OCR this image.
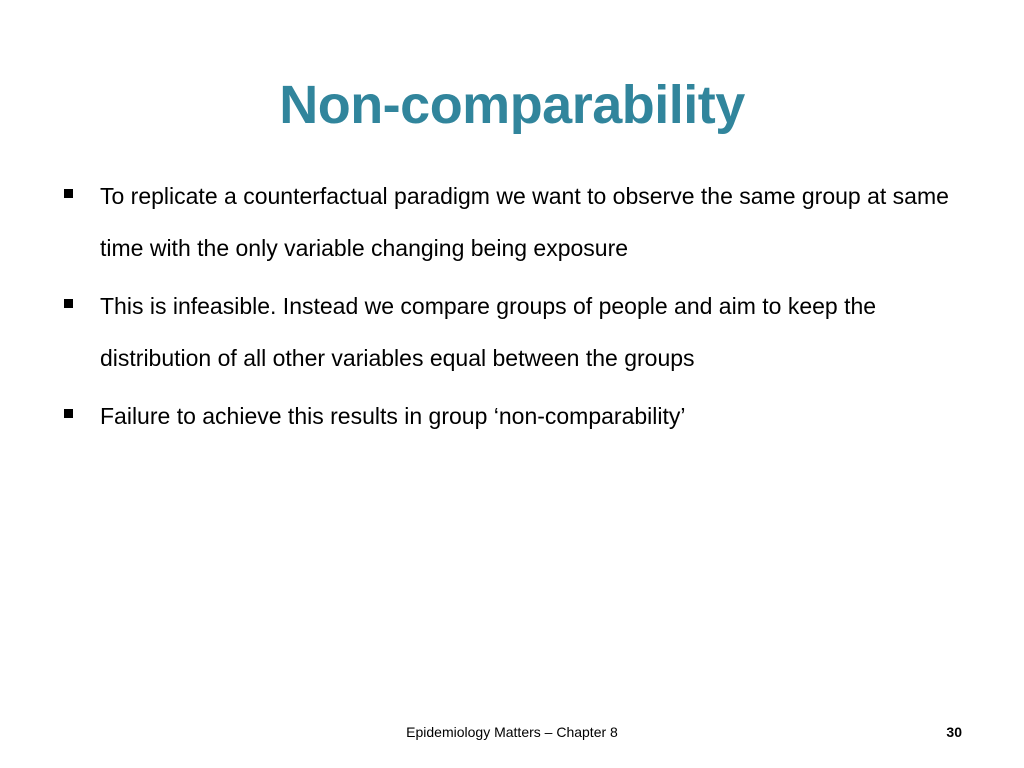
Non-comparability
To replicate a counterfactual paradigm we want to observe the same group at same time with the only variable changing being exposure
This is infeasible. Instead we compare groups of people and aim to keep the distribution of all other variables equal between the groups
Failure to achieve this results in group ‘non-comparability’
Epidemiology Matters – Chapter 8	30
